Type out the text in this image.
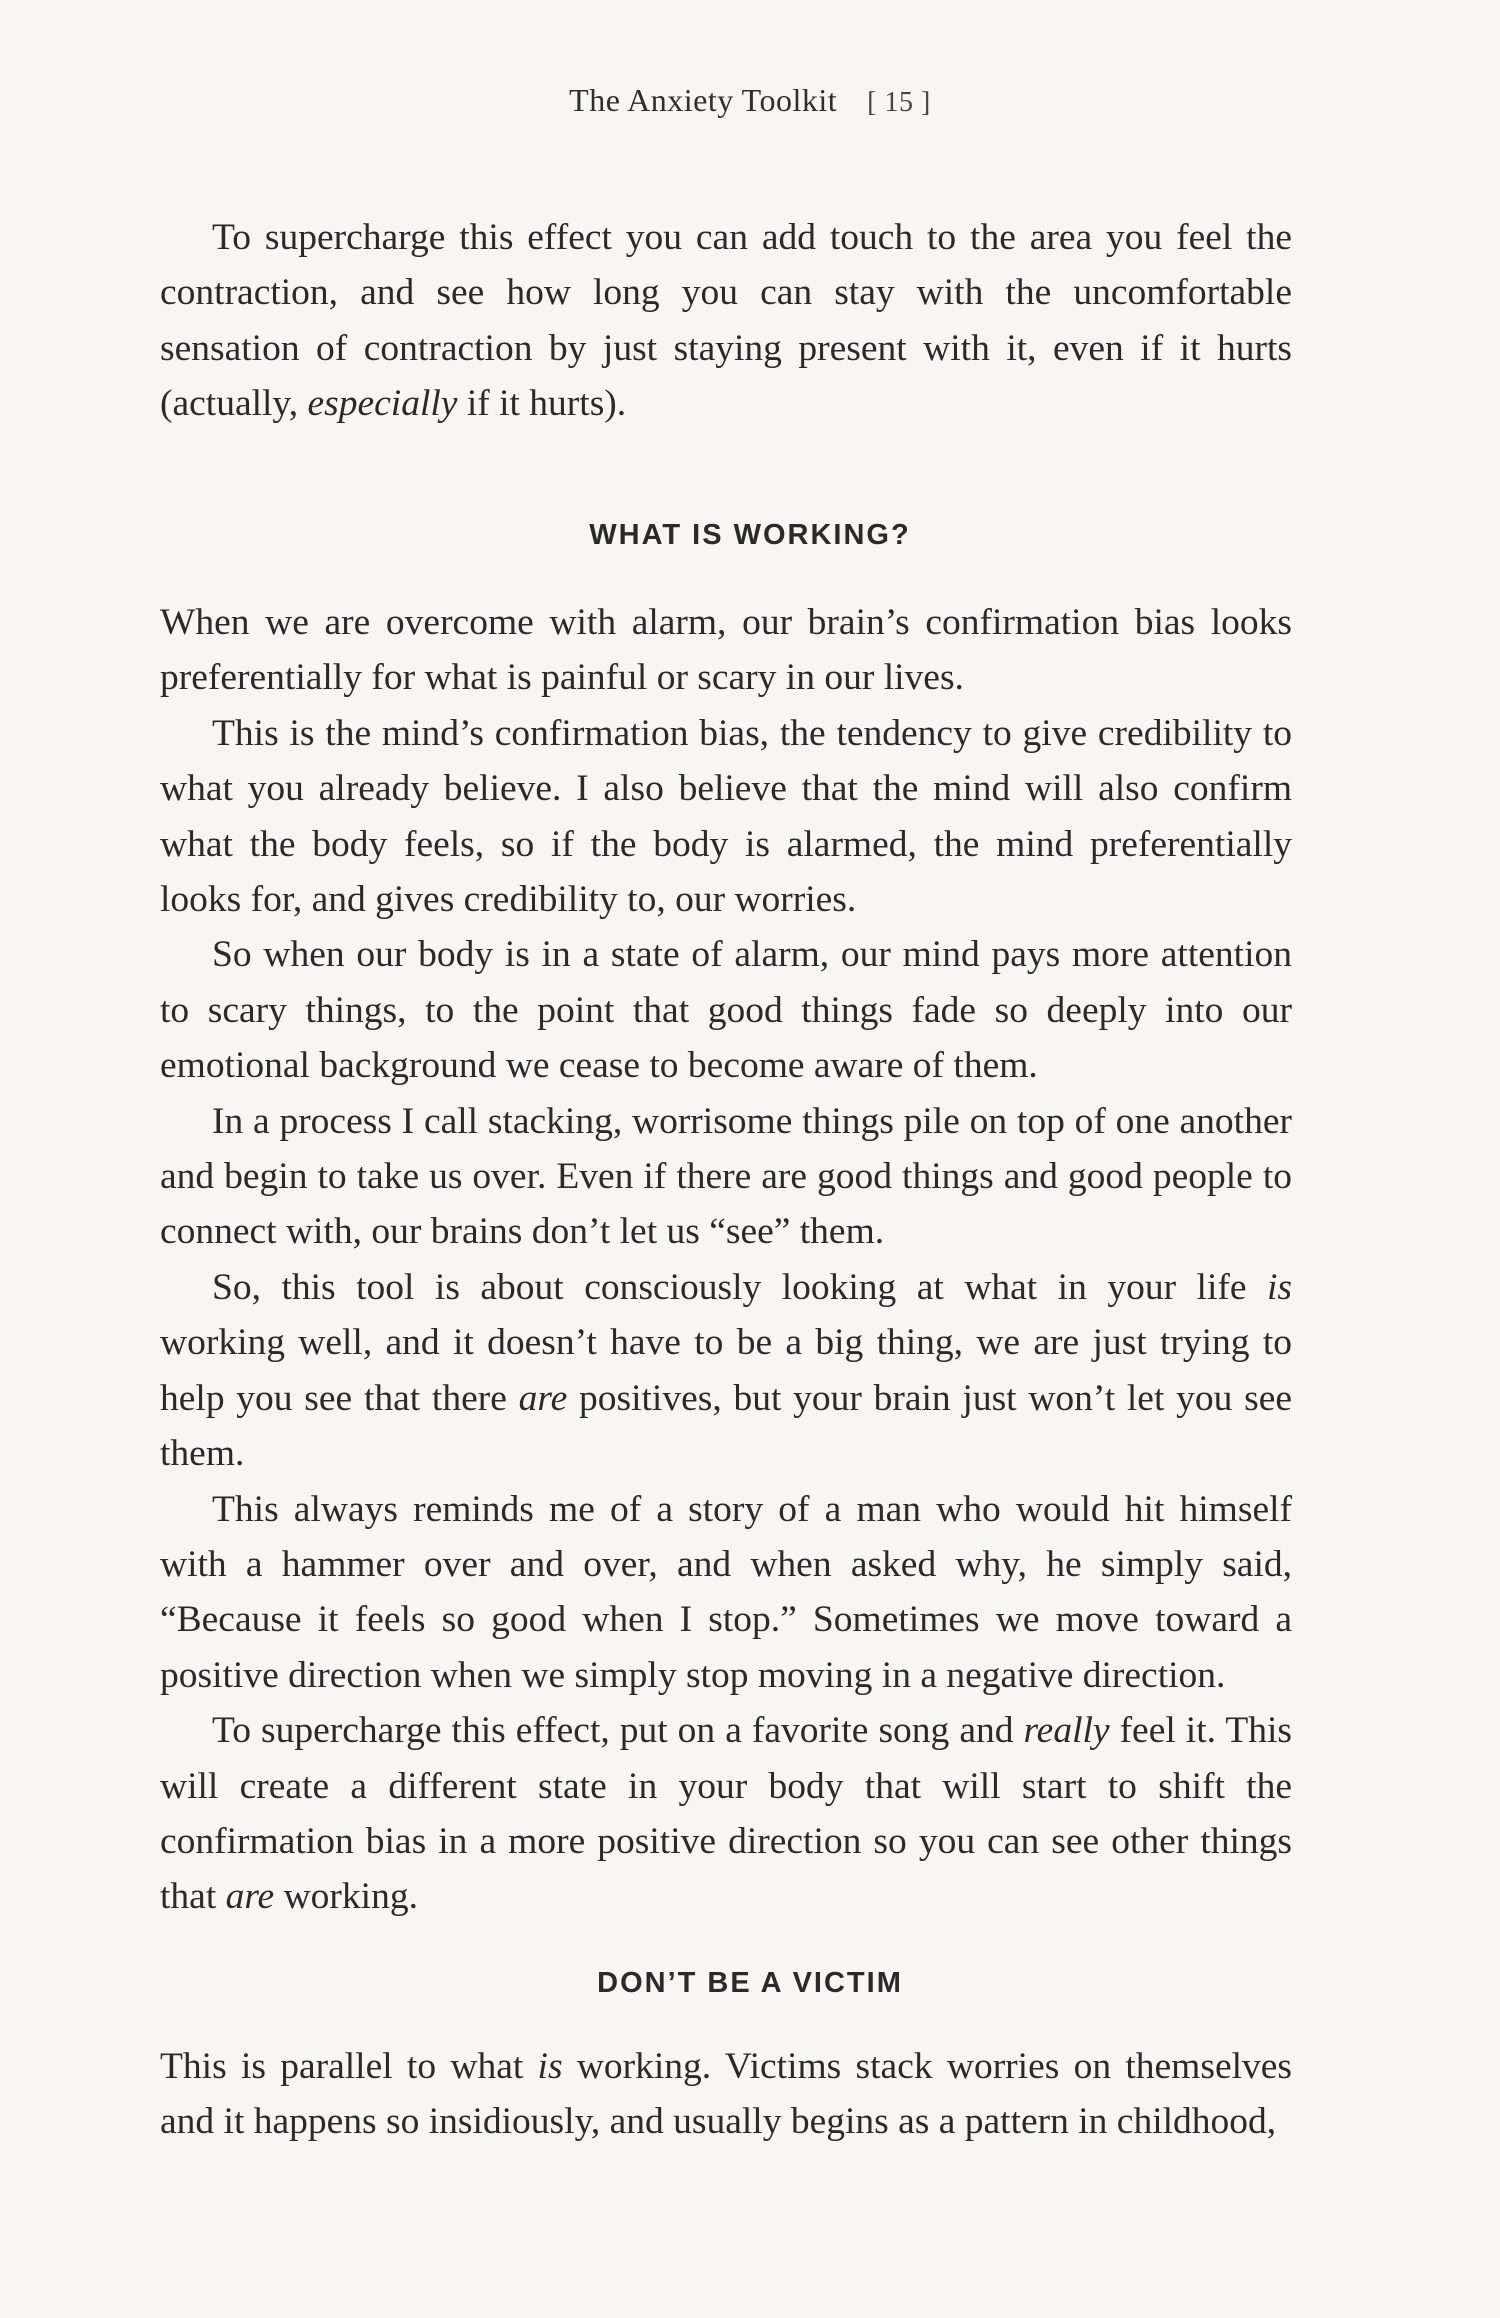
The Anxiety Toolkit [ 15 ]

To supercharge this effect you can add touch to the area you feel the contraction, and see how long you can stay with the uncomfortable sensation of contraction by just staying present with it, even if it hurts (actually, especially if it hurts).

WHAT IS WORKING?

When we are overcome with alarm, our brain’s confirmation bias looks preferentially for what is painful or scary in our lives.

This is the mind’s confirmation bias, the tendency to give credibility to what you already believe. I also believe that the mind will also confirm what the body feels, so if the body is alarmed, the mind preferentially looks for, and gives credibility to, our worries.

So when our body is in a state of alarm, our mind pays more attention to scary things, to the point that good things fade so deeply into our emotional background we cease to become aware of them.

In a process I call stacking, worrisome things pile on top of one another and begin to take us over. Even if there are good things and good people to connect with, our brains don’t let us “see” them.

So, this tool is about consciously looking at what in your life is working well, and it doesn’t have to be a big thing, we are just trying to help you see that there are positives, but your brain just won’t let you see them.

This always reminds me of a story of a man who would hit himself with a hammer over and over, and when asked why, he simply said, “Because it feels so good when I stop.” Sometimes we move toward a positive direction when we simply stop moving in a negative direction.

To supercharge this effect, put on a favorite song and really feel it. This will create a different state in your body that will start to shift the confirmation bias in a more positive direction so you can see other things that are working.

DON’T BE A VICTIM

This is parallel to what is working. Victims stack worries on themselves and it happens so insidiously, and usually begins as a pattern in childhood,
